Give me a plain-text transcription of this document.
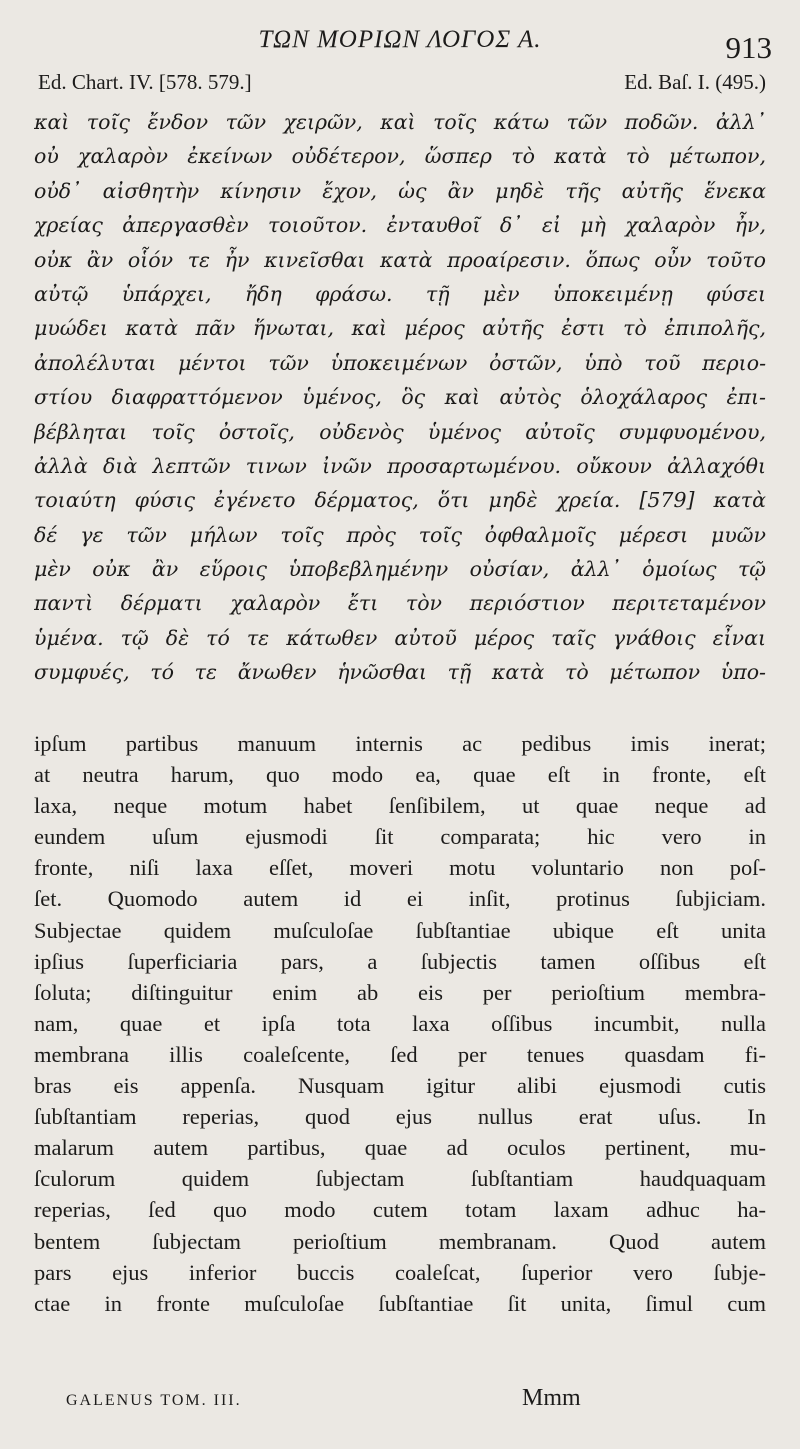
ΤΩΝ ΜΟΡΙΩΝ ΛΟΓΟΣ Α.	913
Ed. Chart. IV. [578. 579.]	Ed. Baſ. I. (495.)
καὶ τοῖς ἔνδον τῶν χειρῶν, καὶ τοῖς κάτω τῶν ποδῶν. ἀλλ᾽
οὐ χαλαρὸν ἐκείνων οὐδέτερον, ὥσπερ τὸ κατὰ τὸ μέτωπον,
οὐδ᾽ αἰσθητὴν κίνησιν ἔχον, ὡς ἂν μηδὲ τῆς αὐτῆς ἕνεκα
χρείας ἀπεργασθὲν τοιοῦτον. ἐνταυθοῖ δ᾽ εἰ μὴ χαλαρὸν ἦν,
οὐκ ἂν οἷόν τε ἦν κινεῖσθαι κατὰ προαίρεσιν. ὅπως οὖν τοῦτο
αὐτῷ ὑπάρχει, ἤδη φράσω. τῇ μὲν ὑποκειμένῃ φύσει
μυώδει κατὰ πᾶν ἥνωται, καὶ μέρος αὐτῆς ἐστι τὸ ἐπιπολῆς,
ἀπολέλυται μέντοι τῶν ὑποκειμένων ὀστῶν, ὑπὸ τοῦ περιο-
στίου διαφραττόμενον ὑμένος, ὃς καὶ αὐτὸς ὁλοχάλαρος ἐπι-
βέβληται τοῖς ὀστοῖς, οὐδενὸς ὑμένος αὐτοῖς συμφυομένου,
ἀλλὰ διὰ λεπτῶν τινων ἰνῶν προσαρτωμένου. οὔκουν ἀλλαχόθι
τοιαύτη φύσις ἐγένετο δέρματος, ὅτι μηδὲ χρεία. [579] κατὰ
δέ γε τῶν μήλων τοῖς πρὸς τοῖς ὀφθαλμοῖς μέρεσι μυῶν
μὲν οὐκ ἂν εὕροις ὑποβεβλημένην οὐσίαν, ἀλλ᾽ ὁμοίως τῷ
παντὶ δέρματι χαλαρὸν ἔτι τὸν περιόστιον περιτεταμένον
ὑμένα. τῷ δὲ τό τε κάτωθεν αὐτοῦ μέρος ταῖς γνάθοις εἶναι
συμφυές, τό τε ἄνωθεν ἡνῶσθαι τῇ κατὰ τὸ μέτωπον ὑπο-
ipſum partibus manuum internis ac pedibus imis inerat;
at neutra harum, quo modo ea, quae eſt in fronte, eſt
laxa, neque motum habet ſenſibilem, ut quae neque ad
eundem uſum ejusmodi ſit comparata; hic vero in
fronte, niſi laxa eſſet, moveri motu voluntario non poſ-
ſet. Quomodo autem id ei inſit, protinus ſubjiciam.
Subjectae quidem muſculoſae ſubſtantiae ubique eſt unita
ipſius ſuperficiaria pars, a ſubjectis tamen oſſibus eſt
ſoluta; diſtinguitur enim ab eis per perioſtium membra-
nam, quae et ipſa tota laxa oſſibus incumbit, nulla
membrana illis coaleſcente, ſed per tenues quasdam fi-
bras eis appenſa. Nusquam igitur alibi ejusmodi cutis
ſubſtantiam reperias, quod ejus nullus erat uſus. In
malarum autem partibus, quae ad oculos pertinent, mu-
ſculorum quidem ſubjectam ſubſtantiam haudquaquam
reperias, ſed quo modo cutem totam laxam adhuc ha-
bentem ſubjectam perioſtium membranam. Quod autem
pars ejus inferior buccis coaleſcat, ſuperior vero ſubje-
ctae in fronte muſculoſae ſubſtantiae ſit unita, ſimul cum
GALENUS TOM. III.	Mmm
